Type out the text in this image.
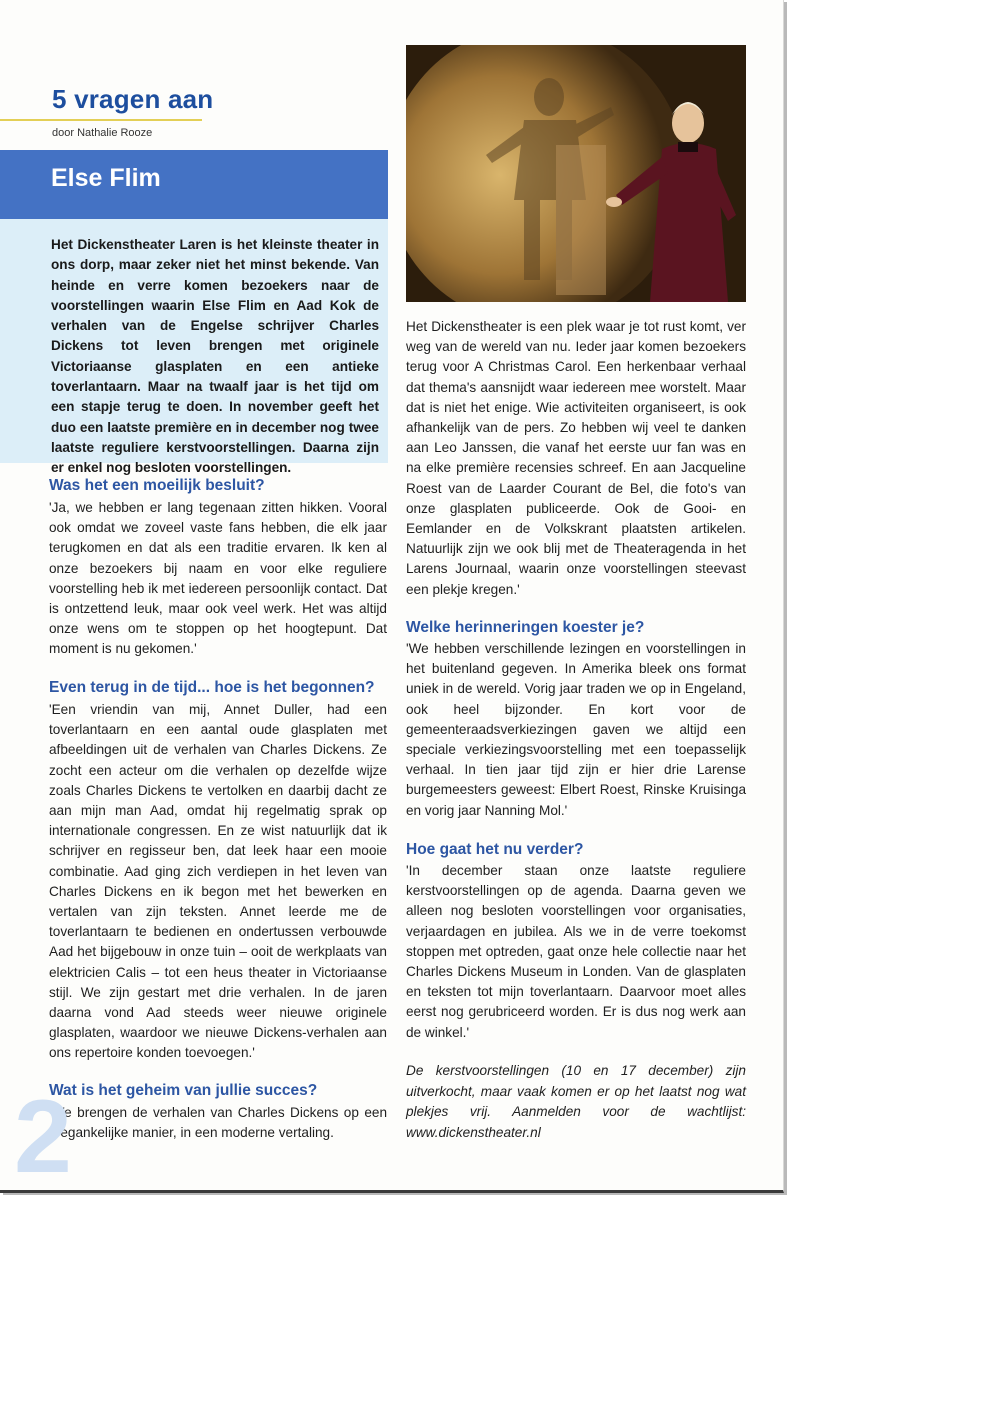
5 vragen aan
door Nathalie Rooze
Else Flim

Het Dickenstheater Laren is het kleinste theater in ons dorp, maar zeker niet het minst bekende. Van heinde en verre komen bezoekers naar de voorstellingen waarin Else Flim en Aad Kok de verhalen van de Engelse schrijver Charles Dickens tot leven brengen met originele Victoriaanse glasplaten en een antieke toverlantaarn. Maar na twaalf jaar is het tijd om een stapje terug te doen. In november geeft het duo een laatste première en in december nog twee laatste reguliere kerstvoorstellingen. Daarna zijn er enkel nog besloten voorstellingen.

Was het een moeilijk besluit?

'Ja, we hebben er lang tegenaan zitten hikken. Vooral ook omdat we zoveel vaste fans hebben, die elk jaar terugkomen en dat als een traditie ervaren. Ik ken al onze bezoekers bij naam en voor elke reguliere voorstelling heb ik met iedereen persoonlijk contact. Dat is ontzettend leuk, maar ook veel werk. Het was altijd onze wens om te stoppen op het hoogtepunt. Dat moment is nu gekomen.'

Even terug in de tijd... hoe is het begonnen?

'Een vriendin van mij, Annet Duller, had een toverlantaarn en een aantal oude glasplaten met afbeeldingen uit de verhalen van Charles Dickens. Ze zocht een acteur om die verhalen op dezelfde wijze zoals Charles Dickens te vertolken en daarbij dacht ze aan mijn man Aad, omdat hij regelmatig sprak op internationale congressen. En ze wist natuurlijk dat ik schrijver en regisseur ben, dat leek haar een mooie combinatie. Aad ging zich verdiepen in het leven van Charles Dickens en ik begon met het bewerken en vertalen van zijn teksten. Annet leerde me de toverlantaarn te bedienen en ondertussen verbouwde Aad het bijgebouw in onze tuin – ooit de werkplaats van elektricien Calis – tot een heus theater in Victoriaanse stijl. We zijn gestart met drie verhalen. In de jaren daarna vond Aad steeds weer nieuwe originele glasplaten, waardoor we nieuwe Dickens-verhalen aan ons repertoire konden toevoegen.'

Wat is het geheim van jullie succes?

'We brengen de verhalen van Charles Dickens op een toegankelijke manier, in een moderne vertaling.

2

Het Dickenstheater is een plek waar je tot rust komt, ver weg van de wereld van nu. Ieder jaar komen bezoekers terug voor A Christmas Carol. Een herkenbaar verhaal dat thema's aansnijdt waar iedereen mee worstelt. Maar dat is niet het enige. Wie activiteiten organiseert, is ook afhankelijk van de pers. Zo hebben wij veel te danken aan Leo Janssen, die vanaf het eerste uur fan was en na elke première recensies schreef. En aan Jacqueline Roest van de Laarder Courant de Bel, die foto's van onze glasplaten publiceerde. Ook de Gooi- en Eemlander en de Volkskrant plaatsten artikelen. Natuurlijk zijn we ook blij met de Theateragenda in het Larens Journaal, waarin onze voorstellingen steevast een plekje kregen.'

Welke herinneringen koester je?

'We hebben verschillende lezingen en voorstellingen in het buitenland gegeven. In Amerika bleek ons format uniek in de wereld. Vorig jaar traden we op in Engeland, ook heel bijzonder. En kort voor de gemeenteraadsverkiezingen gaven we altijd een speciale verkiezingsvoorstelling met een toepasselijk verhaal. In tien jaar tijd zijn er hier drie Larense burgemeesters geweest: Elbert Roest, Rinske Kruisinga en vorig jaar Nanning Mol.'

Hoe gaat het nu verder?

'In december staan onze laatste reguliere kerstvoorstellingen op de agenda. Daarna geven we alleen nog besloten voorstellingen voor organisaties, verjaardagen en jubilea. Als we in de verre toekomst stoppen met optreden, gaat onze hele collectie naar het Charles Dickens Museum in Londen. Van de glasplaten en teksten tot mijn toverlantaarn. Daarvoor moet alles eerst nog gerubriceerd worden. Er is dus nog werk aan de winkel.'

De kerstvoorstellingen (10 en 17 december) zijn uitverkocht, maar vaak komen er op het laatst nog wat plekjes vrij. Aanmelden voor de wachtlijst: www.dickenstheater.nl
